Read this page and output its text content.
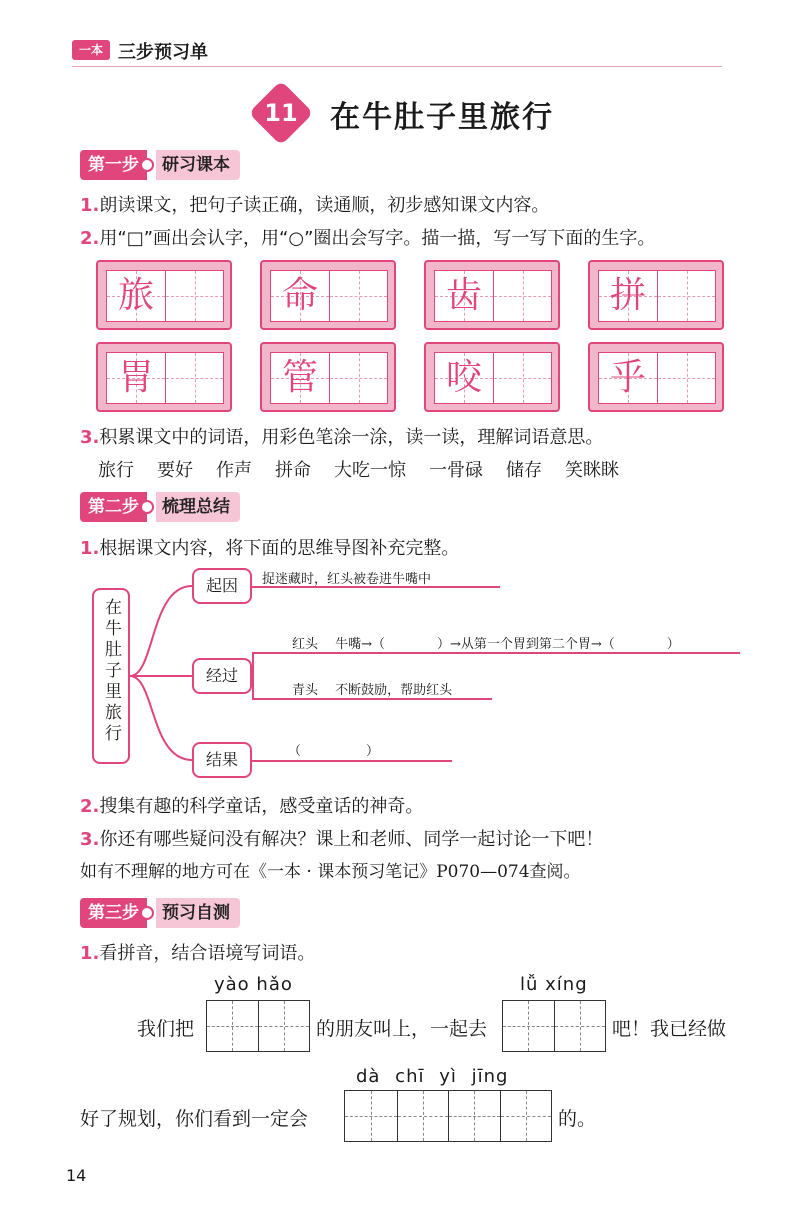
一本 三步预习单
11 在牛肚子里旅行
第一步	研习课本
1.朗读课文，把句子读正确，读通顺，初步感知课文内容。
2.用“□”画出会认字，用“○”圈出会写字。描一描，写一写下面的生字。
旅	命	齿	拼
胃	管	咬	乎
3.积累课文中的词语，用彩色笔涂一涂，读一读，理解词语意思。
旅行 要好 作声 拼命 大吃一惊 一骨碌 储存 笑眯眯
第二步	梳理总结
1.根据课文内容，将下面的思维导图补充完整。
在牛肚子里旅行
起因
经过
结果
捉迷藏时，红头被卷进牛嘴中
红头　 牛嘴→（　　　　）→从第一个胃到第二个胃→（　　　　）
青头　 不断鼓励，帮助红头
（　　　　　）
2.搜集有趣的科学童话，感受童话的神奇。
3.你还有哪些疑问没有解决？课上和老师、同学一起讨论一下吧！
如有不理解的地方可在《一本 · 课本预习笔记》P070—074查阅。
第三步	预习自测
1.看拼音，结合语境写词语。
yào hǎo	lǚ xíng
我们把	的朋友叫上，一起去	吧！我已经做
dà chī yì jīng
好了规划，你们看到一定会	的。
14
